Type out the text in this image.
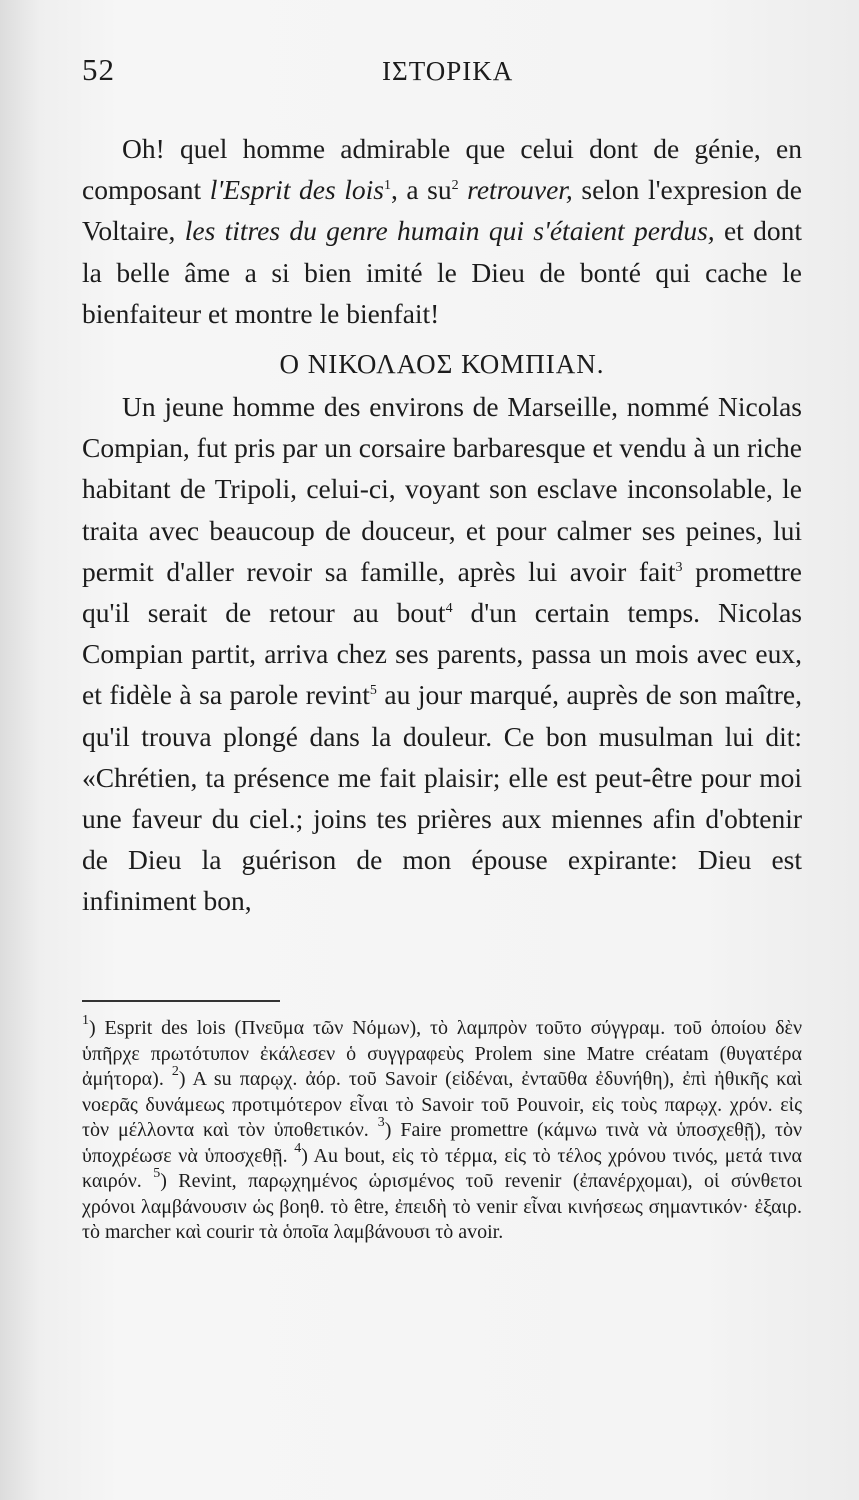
52	ΙΣΤΟΡΙΚΑ

Oh! quel homme admirable que celui dont de génie, en composant l'Esprit des lois$^1$, a $su^2$ retrouver, selon l'expresion de Voltaire, les titres du genre humain qui s'étaient perdus, et dont la belle âme a si bien imité le Dieu de bonté qui cache le bienfaiteur et montre le bienfait!

Ο ΝΙΚΟΛΑΟΣ ΚΟΜΠΙΑΝ.

Un jeune homme des environs de Marseille, nommé Nicolas Compian, fut pris par un corsaire barbaresque et vendu à un riche habitant de Tripoli, celui-ci, voyant son esclave inconsolable, le traita avec beaucoup de douceur, et pour calmer ses peines, lui permit d'aller revoir sa famille, après lui avoir fait$^3$ promettre qu'il serait de retour au bout$^4$ d'un certain temps. Nicolas Compian partit, arriva chez ses parents, passa un mois avec eux, et fidèle à sa parole revint$^5$ au jour marqué, auprès de son maître, qu'il trouva plongé dans la douleur. Ce bon musulman lui dit: «Chrétien, ta présence me fait plaisir; elle est peut-être pour moi une faveur du ciel.; joins tes prières aux miennes afin d'obtenir de Dieu la guérison de mon épouse expirante: Dieu est infiniment bon,

$^1$) Esprit des lois (Πνεῦμα τῶν Νόμων), τὸ λαμπρὸν τοῦτο σύγγραμ. τοῦ ὁποίου δὲν ὑπῆρχε πρωτότυπον ἐκάλεσεν ὁ συγγραφεὺς Prolem sine Matre créatam (θυγατέρα ἀμήτορα). $^2$) A su παρῳχ. ἀόρ. τοῦ Savoir (εἰδέναι, ἐνταῦθα ἐδυνήθη), ἐπὶ ἠθικῆς καὶ νοερᾶς δυνάμεως προτιμότερον εἶναι τὸ Savoir τοῦ Pouvoir, εἰς τοὺς παρῳχ. χρόν. εἰς τὸν μέλλοντα καὶ τὸν ὑποθετικόν. $^3$) Faire promettre (κάμνω τινὰ νὰ ὑποσχεθῇ), τὸν ὑποχρέωσε νὰ ὑποσχεθῇ. $^4$) Au bout, εἰς τὸ τέρμα, εἰς τὸ τέλος χρόνου τινός, μετά τινα καιρόν. $^5$) Revint, παρῳχημένος ὡρισμένος τοῦ revenir (ἐπανέρχομαι), οἱ σύνθετοι χρόνοι λαμβάνουσιν ὡς βοηθ. τὸ être, ἐπειδὴ τὸ venir εἶναι κινήσεως σημαντικόν· ἐξαιρ. τὸ marcher καὶ courir τὰ ὁποῖα λαμβάνουσι τὸ avoir.
